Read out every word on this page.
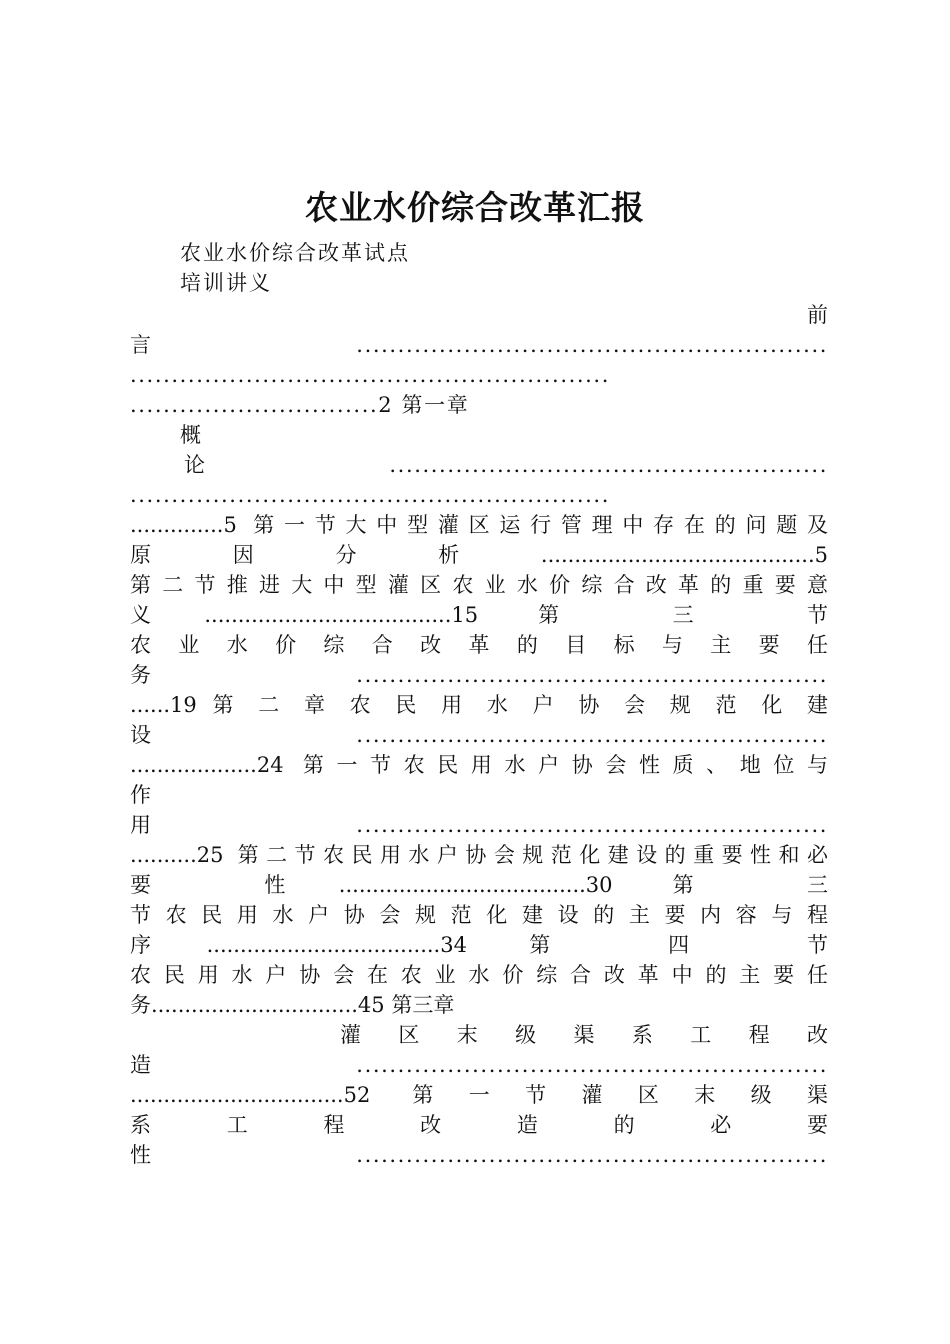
农业水价综合改革汇报
农业水价综合改革试点
培训讲义
前
言.........................................................
..........................................................
..............................2 第一章
概
论.....................................................
..........................................................
..............5 第一节大中型灌区运行管理中存在的问题及
原因分析.........................................5
第 二 节 推 进 大 中 型 灌 区 农 业 水 价 综 合 改 革 的 重 要 意
义.....................................15 第 三 节
农 业 水 价 综 合 改 革 的 目 标 与 主 要 任
务.........................................................
......19 第 二 章 农 民 用 水 户 协 会 规 范 化 建
设.........................................................
...................24 第一节农民用水户协会性质、地位与
作
用.........................................................
..........25 第二节农民用水户协会规范化建设的重要性和必
要 性.....................................30 第 三
节 农 民 用 水 户 协 会 规 范 化 建 设 的 主 要 内 容 与 程
序...................................34 第 四 节
农 民 用 水 户 协 会 在 农 业 水 价 综 合 改 革 中 的 主 要 任
务...............................45 第三章
灌 区 末 级 渠 系 工 程 改
造.........................................................
................................52 第一节灌区末级渠
系 工 程 改 造 的 必 要
性.........................................................
